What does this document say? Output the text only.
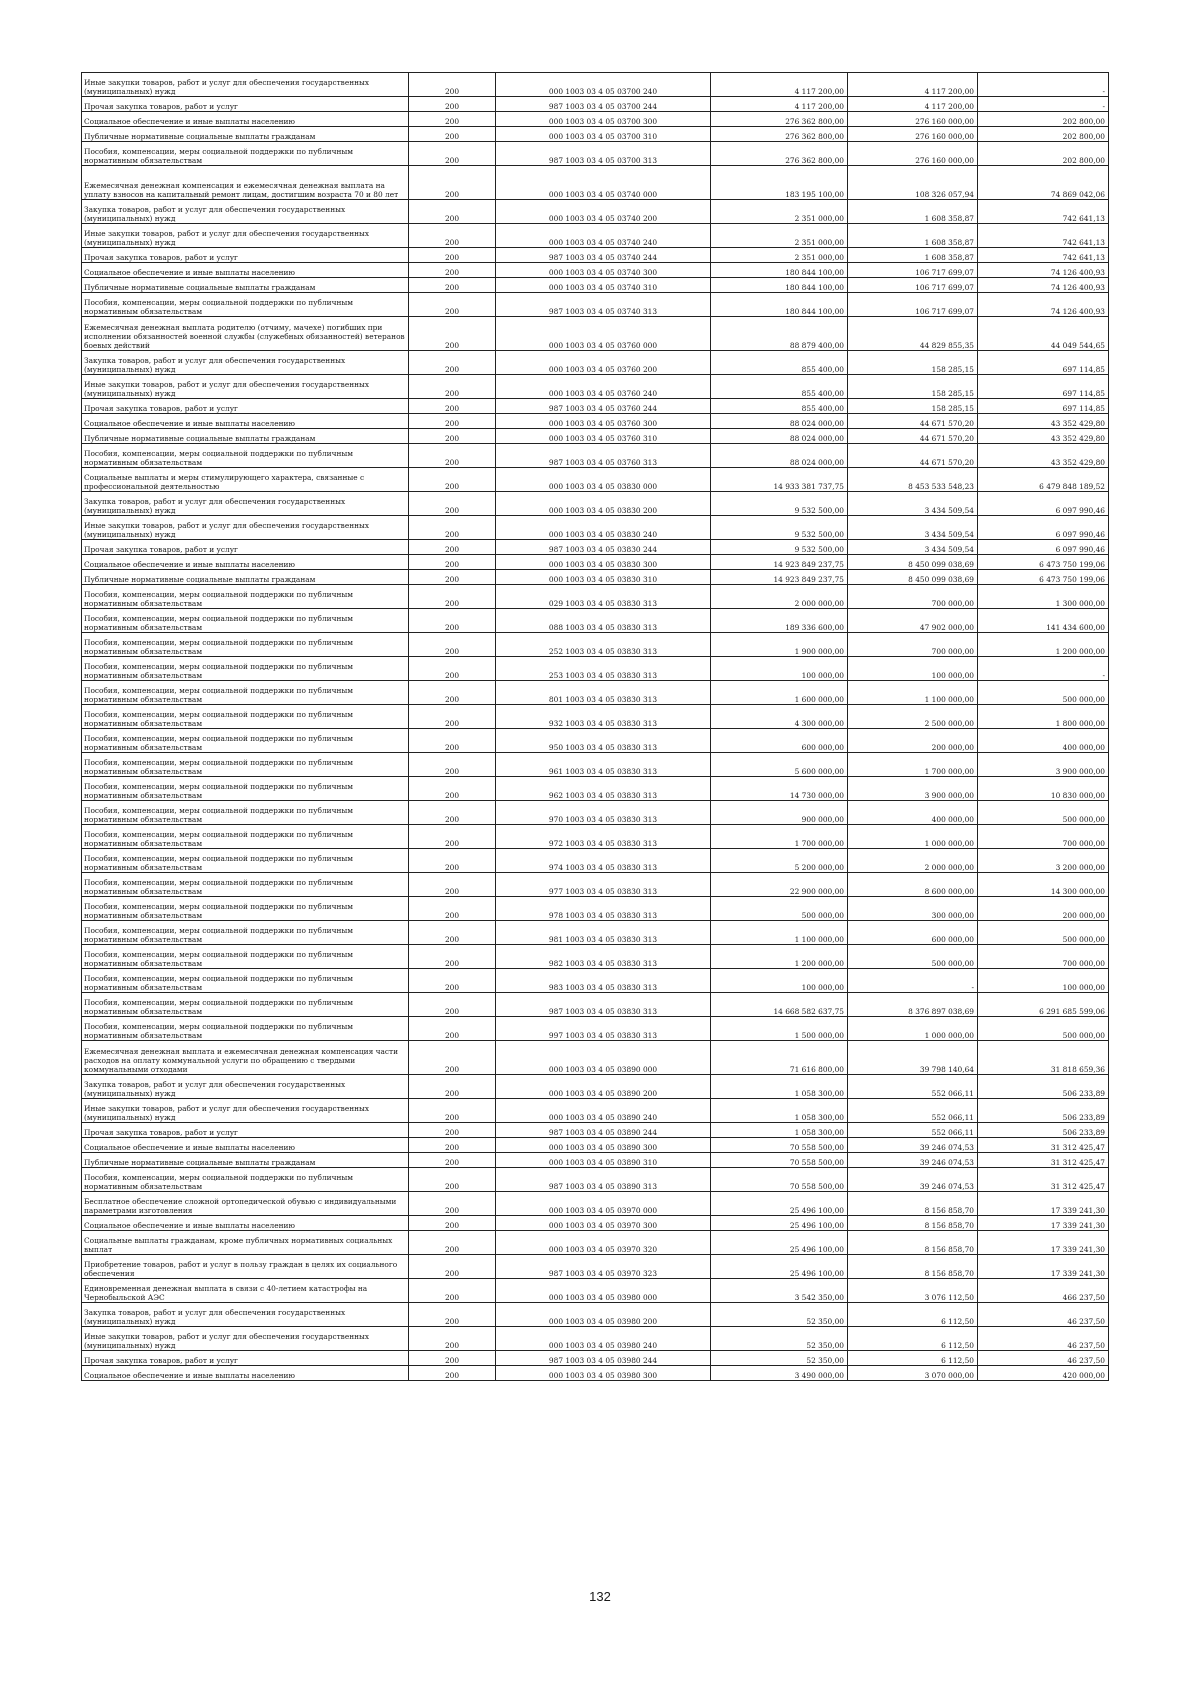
Иные закупки товаров, работ и услуг для обеспечения государственных (муниципальных) нужд	200	000 1003 03 4 05 03700 240	4 117 200,00	4 117 200,00	-
Прочая закупка товаров, работ и услуг	200	987 1003 03 4 05 03700 244	4 117 200,00	4 117 200,00	-
Социальное обеспечение и иные выплаты населению	200	000 1003 03 4 05 03700 300	276 362 800,00	276 160 000,00	202 800,00
Публичные нормативные социальные выплаты гражданам	200	000 1003 03 4 05 03700 310	276 362 800,00	276 160 000,00	202 800,00
Пособия, компенсации, меры социальной поддержки по публичным нормативным обязательствам	200	987 1003 03 4 05 03700 313	276 362 800,00	276 160 000,00	202 800,00
Ежемесячная денежная компенсация и ежемесячная денежная выплата на уплату взносов на капитальный ремонт лицам, достигшим возраста 70 и 80 лет	200	000 1003 03 4 05 03740 000	183 195 100,00	108 326 057,94	74 869 042,06
Закупка товаров, работ и услуг для обеспечения государственных (муниципальных) нужд	200	000 1003 03 4 05 03740 200	2 351 000,00	1 608 358,87	742 641,13
Иные закупки товаров, работ и услуг для обеспечения государственных (муниципальных) нужд	200	000 1003 03 4 05 03740 240	2 351 000,00	1 608 358,87	742 641,13
Прочая закупка товаров, работ и услуг	200	987 1003 03 4 05 03740 244	2 351 000,00	1 608 358,87	742 641,13
Социальное обеспечение и иные выплаты населению	200	000 1003 03 4 05 03740 300	180 844 100,00	106 717 699,07	74 126 400,93
Публичные нормативные социальные выплаты гражданам	200	000 1003 03 4 05 03740 310	180 844 100,00	106 717 699,07	74 126 400,93
Пособия, компенсации, меры социальной поддержки по публичным нормативным обязательствам	200	987 1003 03 4 05 03740 313	180 844 100,00	106 717 699,07	74 126 400,93
Ежемесячная денежная выплата родителю (отчиму, мачехе) погибших при исполнении обязанностей военной службы (служебных обязанностей) ветеранов боевых действий	200	000 1003 03 4 05 03760 000	88 879 400,00	44 829 855,35	44 049 544,65
Закупка товаров, работ и услуг для обеспечения государственных (муниципальных) нужд	200	000 1003 03 4 05 03760 200	855 400,00	158 285,15	697 114,85
Иные закупки товаров, работ и услуг для обеспечения государственных (муниципальных) нужд	200	000 1003 03 4 05 03760 240	855 400,00	158 285,15	697 114,85
Прочая закупка товаров, работ и услуг	200	987 1003 03 4 05 03760 244	855 400,00	158 285,15	697 114,85
Социальное обеспечение и иные выплаты населению	200	000 1003 03 4 05 03760 300	88 024 000,00	44 671 570,20	43 352 429,80
Публичные нормативные социальные выплаты гражданам	200	000 1003 03 4 05 03760 310	88 024 000,00	44 671 570,20	43 352 429,80
Пособия, компенсации, меры социальной поддержки по публичным нормативным обязательствам	200	987 1003 03 4 05 03760 313	88 024 000,00	44 671 570,20	43 352 429,80
Социальные выплаты и меры стимулирующего характера, связанные с профессиональной деятельностью	200	000 1003 03 4 05 03830 000	14 933 381 737,75	8 453 533 548,23	6 479 848 189,52
Закупка товаров, работ и услуг для обеспечения государственных (муниципальных) нужд	200	000 1003 03 4 05 03830 200	9 532 500,00	3 434 509,54	6 097 990,46
Иные закупки товаров, работ и услуг для обеспечения государственных (муниципальных) нужд	200	000 1003 03 4 05 03830 240	9 532 500,00	3 434 509,54	6 097 990,46
Прочая закупка товаров, работ и услуг	200	987 1003 03 4 05 03830 244	9 532 500,00	3 434 509,54	6 097 990,46
Социальное обеспечение и иные выплаты населению	200	000 1003 03 4 05 03830 300	14 923 849 237,75	8 450 099 038,69	6 473 750 199,06
Публичные нормативные социальные выплаты гражданам	200	000 1003 03 4 05 03830 310	14 923 849 237,75	8 450 099 038,69	6 473 750 199,06
Пособия, компенсации, меры социальной поддержки по публичным нормативным обязательствам	200	029 1003 03 4 05 03830 313	2 000 000,00	700 000,00	1 300 000,00
Пособия, компенсации, меры социальной поддержки по публичным нормативным обязательствам	200	088 1003 03 4 05 03830 313	189 336 600,00	47 902 000,00	141 434 600,00
Пособия, компенсации, меры социальной поддержки по публичным нормативным обязательствам	200	252 1003 03 4 05 03830 313	1 900 000,00	700 000,00	1 200 000,00
Пособия, компенсации, меры социальной поддержки по публичным нормативным обязательствам	200	253 1003 03 4 05 03830 313	100 000,00	100 000,00	-
Пособия, компенсации, меры социальной поддержки по публичным нормативным обязательствам	200	801 1003 03 4 05 03830 313	1 600 000,00	1 100 000,00	500 000,00
Пособия, компенсации, меры социальной поддержки по публичным нормативным обязательствам	200	932 1003 03 4 05 03830 313	4 300 000,00	2 500 000,00	1 800 000,00
Пособия, компенсации, меры социальной поддержки по публичным нормативным обязательствам	200	950 1003 03 4 05 03830 313	600 000,00	200 000,00	400 000,00
Пособия, компенсации, меры социальной поддержки по публичным нормативным обязательствам	200	961 1003 03 4 05 03830 313	5 600 000,00	1 700 000,00	3 900 000,00
Пособия, компенсации, меры социальной поддержки по публичным нормативным обязательствам	200	962 1003 03 4 05 03830 313	14 730 000,00	3 900 000,00	10 830 000,00
Пособия, компенсации, меры социальной поддержки по публичным нормативным обязательствам	200	970 1003 03 4 05 03830 313	900 000,00	400 000,00	500 000,00
Пособия, компенсации, меры социальной поддержки по публичным нормативным обязательствам	200	972 1003 03 4 05 03830 313	1 700 000,00	1 000 000,00	700 000,00
Пособия, компенсации, меры социальной поддержки по публичным нормативным обязательствам	200	974 1003 03 4 05 03830 313	5 200 000,00	2 000 000,00	3 200 000,00
Пособия, компенсации, меры социальной поддержки по публичным нормативным обязательствам	200	977 1003 03 4 05 03830 313	22 900 000,00	8 600 000,00	14 300 000,00
Пособия, компенсации, меры социальной поддержки по публичным нормативным обязательствам	200	978 1003 03 4 05 03830 313	500 000,00	300 000,00	200 000,00
Пособия, компенсации, меры социальной поддержки по публичным нормативным обязательствам	200	981 1003 03 4 05 03830 313	1 100 000,00	600 000,00	500 000,00
Пособия, компенсации, меры социальной поддержки по публичным нормативным обязательствам	200	982 1003 03 4 05 03830 313	1 200 000,00	500 000,00	700 000,00
Пособия, компенсации, меры социальной поддержки по публичным нормативным обязательствам	200	983 1003 03 4 05 03830 313	100 000,00	-	100 000,00
Пособия, компенсации, меры социальной поддержки по публичным нормативным обязательствам	200	987 1003 03 4 05 03830 313	14 668 582 637,75	8 376 897 038,69	6 291 685 599,06
Пособия, компенсации, меры социальной поддержки по публичным нормативным обязательствам	200	997 1003 03 4 05 03830 313	1 500 000,00	1 000 000,00	500 000,00
Ежемесячная денежная выплата и ежемесячная денежная компенсация части расходов на оплату коммунальной услуги по обращению с твердыми коммунальными отходами	200	000 1003 03 4 05 03890 000	71 616 800,00	39 798 140,64	31 818 659,36
Закупка товаров, работ и услуг для обеспечения государственных (муниципальных) нужд	200	000 1003 03 4 05 03890 200	1 058 300,00	552 066,11	506 233,89
Иные закупки товаров, работ и услуг для обеспечения государственных (муниципальных) нужд	200	000 1003 03 4 05 03890 240	1 058 300,00	552 066,11	506 233,89
Прочая закупка товаров, работ и услуг	200	987 1003 03 4 05 03890 244	1 058 300,00	552 066,11	506 233,89
Социальное обеспечение и иные выплаты населению	200	000 1003 03 4 05 03890 300	70 558 500,00	39 246 074,53	31 312 425,47
Публичные нормативные социальные выплаты гражданам	200	000 1003 03 4 05 03890 310	70 558 500,00	39 246 074,53	31 312 425,47
Пособия, компенсации, меры социальной поддержки по публичным нормативным обязательствам	200	987 1003 03 4 05 03890 313	70 558 500,00	39 246 074,53	31 312 425,47
Бесплатное обеспечение сложной ортопедической обувью с индивидуальными параметрами изготовления	200	000 1003 03 4 05 03970 000	25 496 100,00	8 156 858,70	17 339 241,30
Социальное обеспечение и иные выплаты населению	200	000 1003 03 4 05 03970 300	25 496 100,00	8 156 858,70	17 339 241,30
Социальные выплаты гражданам, кроме публичных нормативных социальных выплат	200	000 1003 03 4 05 03970 320	25 496 100,00	8 156 858,70	17 339 241,30
Приобретение товаров, работ и услуг в пользу граждан в целях их социального обеспечения	200	987 1003 03 4 05 03970 323	25 496 100,00	8 156 858,70	17 339 241,30
Единовременная денежная выплата в связи с 40-летием катастрофы на Чернобыльской АЭС	200	000 1003 03 4 05 03980 000	3 542 350,00	3 076 112,50	466 237,50
Закупка товаров, работ и услуг для обеспечения государственных (муниципальных) нужд	200	000 1003 03 4 05 03980 200	52 350,00	6 112,50	46 237,50
Иные закупки товаров, работ и услуг для обеспечения государственных (муниципальных) нужд	200	000 1003 03 4 05 03980 240	52 350,00	6 112,50	46 237,50
Прочая закупка товаров, работ и услуг	200	987 1003 03 4 05 03980 244	52 350,00	6 112,50	46 237,50
Социальное обеспечение и иные выплаты населению	200	000 1003 03 4 05 03980 300	3 490 000,00	3 070 000,00	420 000,00
132
